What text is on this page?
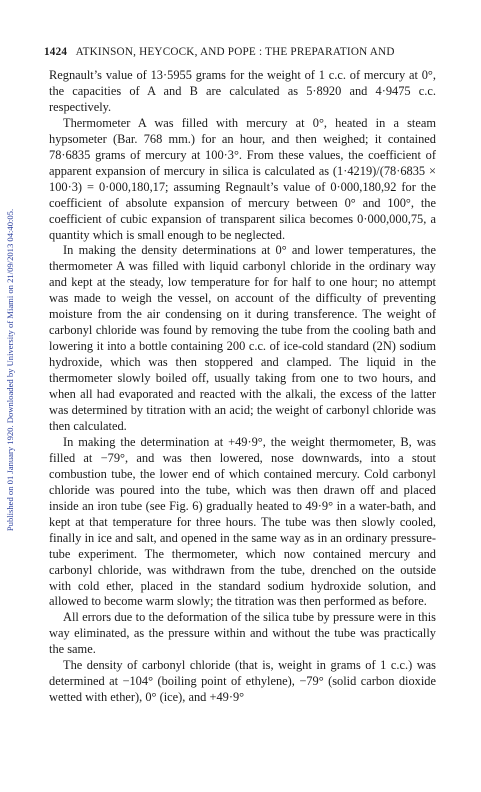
Published on 01 January 1920. Downloaded by University of Miami on 21/09/2013 04:40:05.
1424 ATKINSON, HEYCOCK, AND POPE : THE PREPARATION AND

Regnault’s value of 13·5955 grams for the weight of 1 c.c. of mercury at 0°, the capacities of A and B are calculated as 5·8920 and 4·9475 c.c. respectively.

Thermometer A was filled with mercury at 0°, heated in a steam hypsometer (Bar. 768 mm.) for an hour, and then weighed; it contained 78·6835 grams of mercury at 100·3°. From these values, the coefficient of apparent expansion of mercury in silica is calculated as (1·4219)/(78·6835 × 100·3) = 0·000,180,17; assuming Regnault’s value of 0·000,180,92 for the coefficient of absolute expansion of mercury between 0° and 100°, the coefficient of cubic expansion of transparent silica becomes 0·000,000,75, a quantity which is small enough to be neglected.

In making the density determinations at 0° and lower temperatures, the thermometer A was filled with liquid carbonyl chloride in the ordinary way and kept at the steady, low temperature for for half to one hour; no attempt was made to weigh the vessel, on account of the difficulty of preventing moisture from the air condensing on it during transference. The weight of carbonyl chloride was found by removing the tube from the cooling bath and lowering it into a bottle containing 200 c.c. of ice-cold standard (2N) sodium hydroxide, which was then stoppered and clamped. The liquid in the thermometer slowly boiled off, usually taking from one to two hours, and when all had evaporated and reacted with the alkali, the excess of the latter was determined by titration with an acid; the weight of carbonyl chloride was then calculated.

In making the determination at +49·9°, the weight thermometer, B, was filled at −79°, and was then lowered, nose downwards, into a stout combustion tube, the lower end of which contained mercury. Cold carbonyl chloride was poured into the tube, which was then drawn off and placed inside an iron tube (see Fig. 6) gradually heated to 49·9° in a water-bath, and kept at that temperature for three hours. The tube was then slowly cooled, finally in ice and salt, and opened in the same way as in an ordinary pressure-tube experiment. The thermometer, which now contained mercury and carbonyl chloride, was withdrawn from the tube, drenched on the outside with cold ether, placed in the standard sodium hydroxide solution, and allowed to become warm slowly; the titration was then performed as before.

All errors due to the deformation of the silica tube by pressure were in this way eliminated, as the pressure within and without the tube was practically the same.

The density of carbonyl chloride (that is, weight in grams of 1 c.c.) was determined at −104° (boiling point of ethylene), −79° (solid carbon dioxide wetted with ether), 0° (ice), and +49·9°
